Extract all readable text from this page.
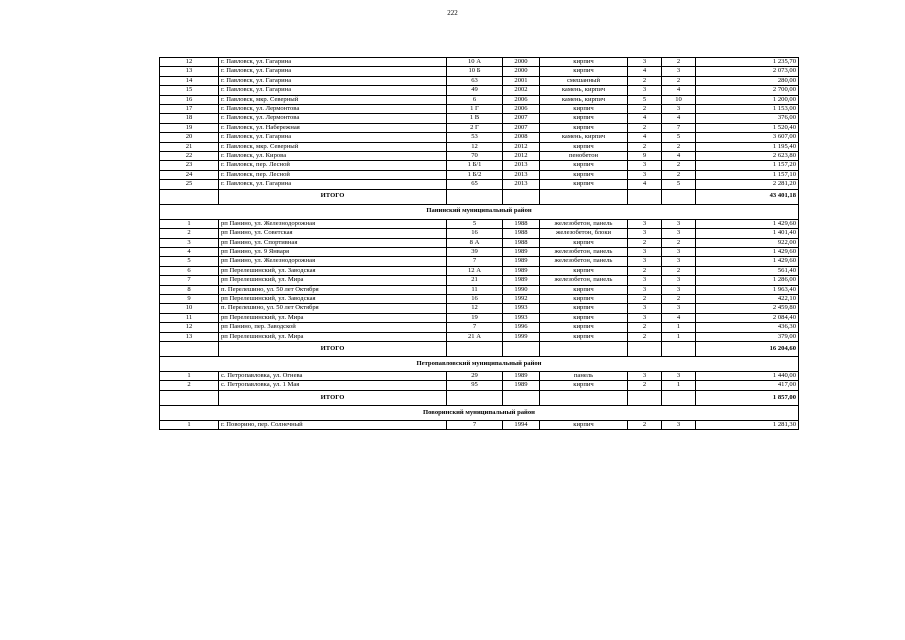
222
12	г. Павловск, ул. Гагарина	10 А	2000	кирпич	3	2	1 235,70
13	г. Павловск, ул. Гагарина	10 Б	2000	кирпич	4	3	2 073,00
14	г. Павловск, ул. Гагарина	63	2001	смешанный	2	2	280,00
15	г. Павловск, ул. Гагарина	49	2002	камень, кирпич	3	4	2 700,00
16	г. Павловск, мкр. Северный	6	2006	камень, кирпич	5	10	1 200,00
17	г. Павловск, ул. Лермонтова	1 Г	2006	кирпич	2	3	1 153,00
18	г. Павловск, ул. Лермонтова	1 В	2007	кирпич	4	4	376,00
19	г. Павловск, ул. Набережная	2 Г	2007	кирпич	2	7	1 520,40
20	г. Павловск, ул. Гагарина	53	2008	камень, кирпич	4	5	3 607,00
21	г. Павловск, мкр. Северный	12	2012	кирпич	2	2	1 195,40
22	г. Павловск, ул. Кирова	70	2012	пенобетон	9	4	2 623,80
23	г. Павловск, пер. Лесной	1 Б/1	2013	кирпич	3	2	1 157,20
24	г. Павловск, пер. Лесной	1 Б/2	2013	кирпич	3	2	1 157,10
25	г. Павловск, ул. Гагарина	65	2013	кирпич	4	5	2 281,20
	ИТОГО						43 401,18
Панинский муниципальный район							
1	рп Панино, ул. Железнодорожная	5	1988	железобетон, панель	3	3	1 429,60
2	рп Панино, ул. Советская	16	1988	железобетон, блоки	3	3	1 401,40
3	рп Панино, ул. Спортивная	8 А	1988	кирпич	2	2	922,00
4	рп Панино, ул. 9 Января	39	1989	железобетон, панель	3	3	1 429,60
5	рп Панино, ул. Железнодорожная	7	1989	железобетон, панель	3	3	1 429,60
6	рп Перелешинский, ул. Заводская	12 А	1989	кирпич	2	2	561,40
7	рп Перелешинский, ул. Мира	21	1989	железобетон, панель	3	3	1 286,00
8	п. Перелешино, ул. 50 лет Октября	11	1990	кирпич	3	3	1 963,40
9	рп Перелешинский, ул. Заводская	16	1992	кирпич	2	2	422,10
10	п. Перелешино, ул. 50 лет Октября	12	1993	кирпич	3	3	2 459,80
11	рп Перелешинский, ул. Мира	19	1993	кирпич	3	4	2 084,40
12	рп Панино, пер. Заводской	7	1996	кирпич	2	1	436,30
13	рп Перелешинский, ул. Мира	21 А	1999	кирпич	2	1	379,00
	ИТОГО						16 204,60
Петропавловский муниципальный район							
1	с. Петропавловка, ул. Огнева	29	1989	панель	3	3	1 440,00
2	с. Петропавловка, ул. 1 Мая	95	1989	кирпич	2	1	417,00
	ИТОГО						1 857,00
Поворинский муниципальный район							
1	г. Поворино, пер. Солнечный	7	1994	кирпич	2	3	1 281,30
